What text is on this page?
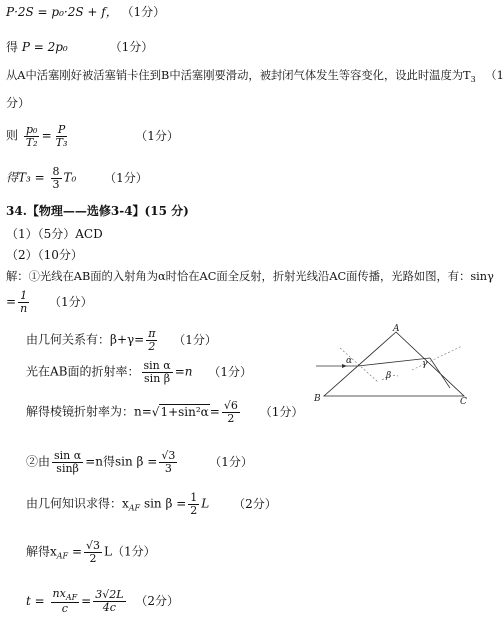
P·2S = p₀·2S + f， （1分）
得 P = 2p₀	（1分）
从A中活塞刚好被活塞销卡住到B中活塞刚要滑动，被封闭气体发生等容变化，设此时温度为$T_3$ （1
分）
则 $\frac{\text{p₀}}{\text{T₂}} = \frac{P}{\text{T₃}}$	（1分）
得$T_3 = \frac{8}{3} T_0$ （1分）
34.【物理——选修3-4】(15 分)
（1）（5分）ACD
（2）（10分）
解：①光线在AB面的入射角为α时恰在AC面全反射，折射光线沿AC面传播，光路如图，有：sinγ
= $\frac{1}{n} (1$分）
由几何关系有：$\beta+\gamma= \frac{\pi}{2} (1$分）
光在AB面的折射率： $\frac{\text{sin α}}{\text{sin β}} =n$ （1分）
解得棱镜折射率为：$n=√1+\sin^2\alpha= \frac{√6}{2} (1$分）
②由 $\frac{\text{sin α}}{\sin\beta} =n$得$\sin \beta = \frac{√3}{3}$	（1分）
由几何知识求得：$x_{AF}$ $\sin \beta = \frac{1}{2}$ L （2分）
解得$x_{AF} = \frac{√3}{2} L(1$分）
$t = \frac{nx_{AF}}{c} = \frac{3√2L}{4c} (2$分）
A
B	C
α
β
γ
